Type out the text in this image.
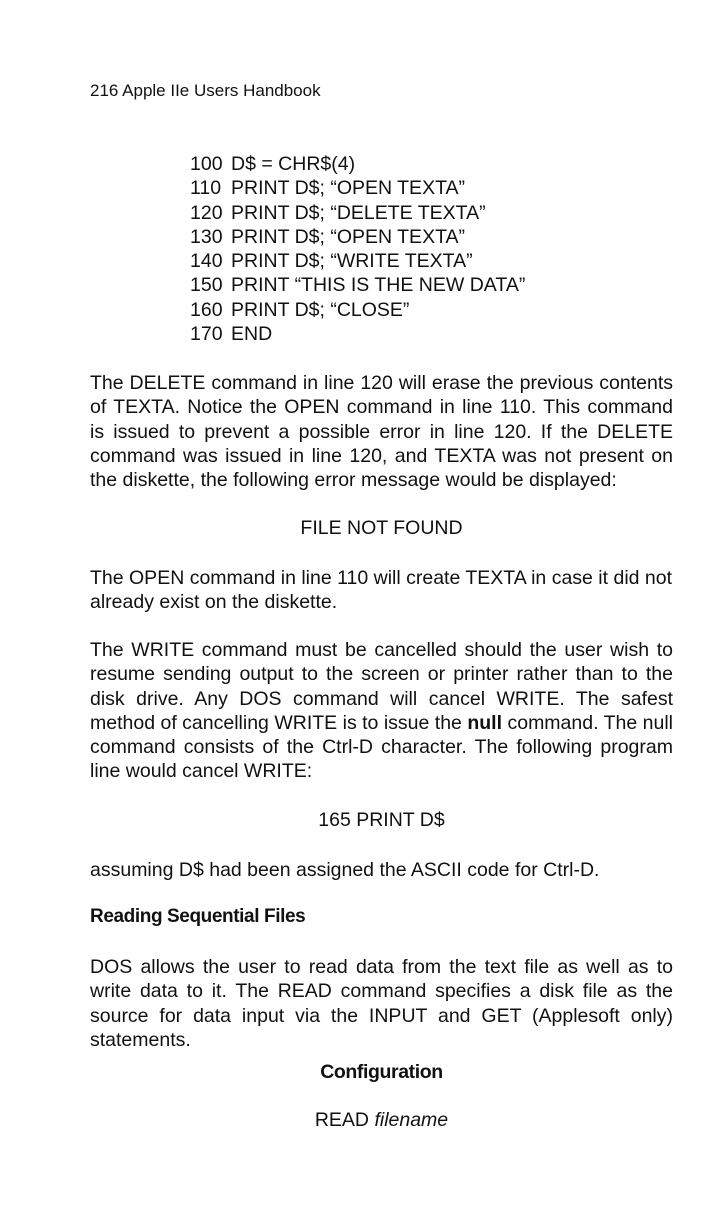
216 Apple IIe Users Handbook
100 D$ = CHR$(4)
110 PRINT D$; “OPEN TEXTA”
120 PRINT D$; “DELETE TEXTA”
130 PRINT D$; “OPEN TEXTA”
140 PRINT D$; “WRITE TEXTA”
150 PRINT “THIS IS THE NEW DATA”
160 PRINT D$; “CLOSE”
170 END

The DELETE command in line 120 will erase the previous contents of TEXTA. Notice the OPEN command in line 110. This command is issued to prevent a possible error in line 120. If the DELETE command was issued in line 120, and TEXTA was not present on the diskette, the following error message would be displayed:

FILE NOT FOUND

The OPEN command in line 110 will create TEXTA in case it did not already exist on the diskette.

The WRITE command must be cancelled should the user wish to resume sending output to the screen or printer rather than to the disk drive. Any DOS command will cancel WRITE. The safest method of cancelling WRITE is to issue the null command. The null command consists of the Ctrl-D character. The following program line would cancel WRITE:

165 PRINT D$

assuming D$ had been assigned the ASCII code for Ctrl-D.

Reading Sequential Files

DOS allows the user to read data from the text file as well as to write data to it. The READ command specifies a disk file as the source for data input via the INPUT and GET (Applesoft only) statements.

Configuration
READ filename
